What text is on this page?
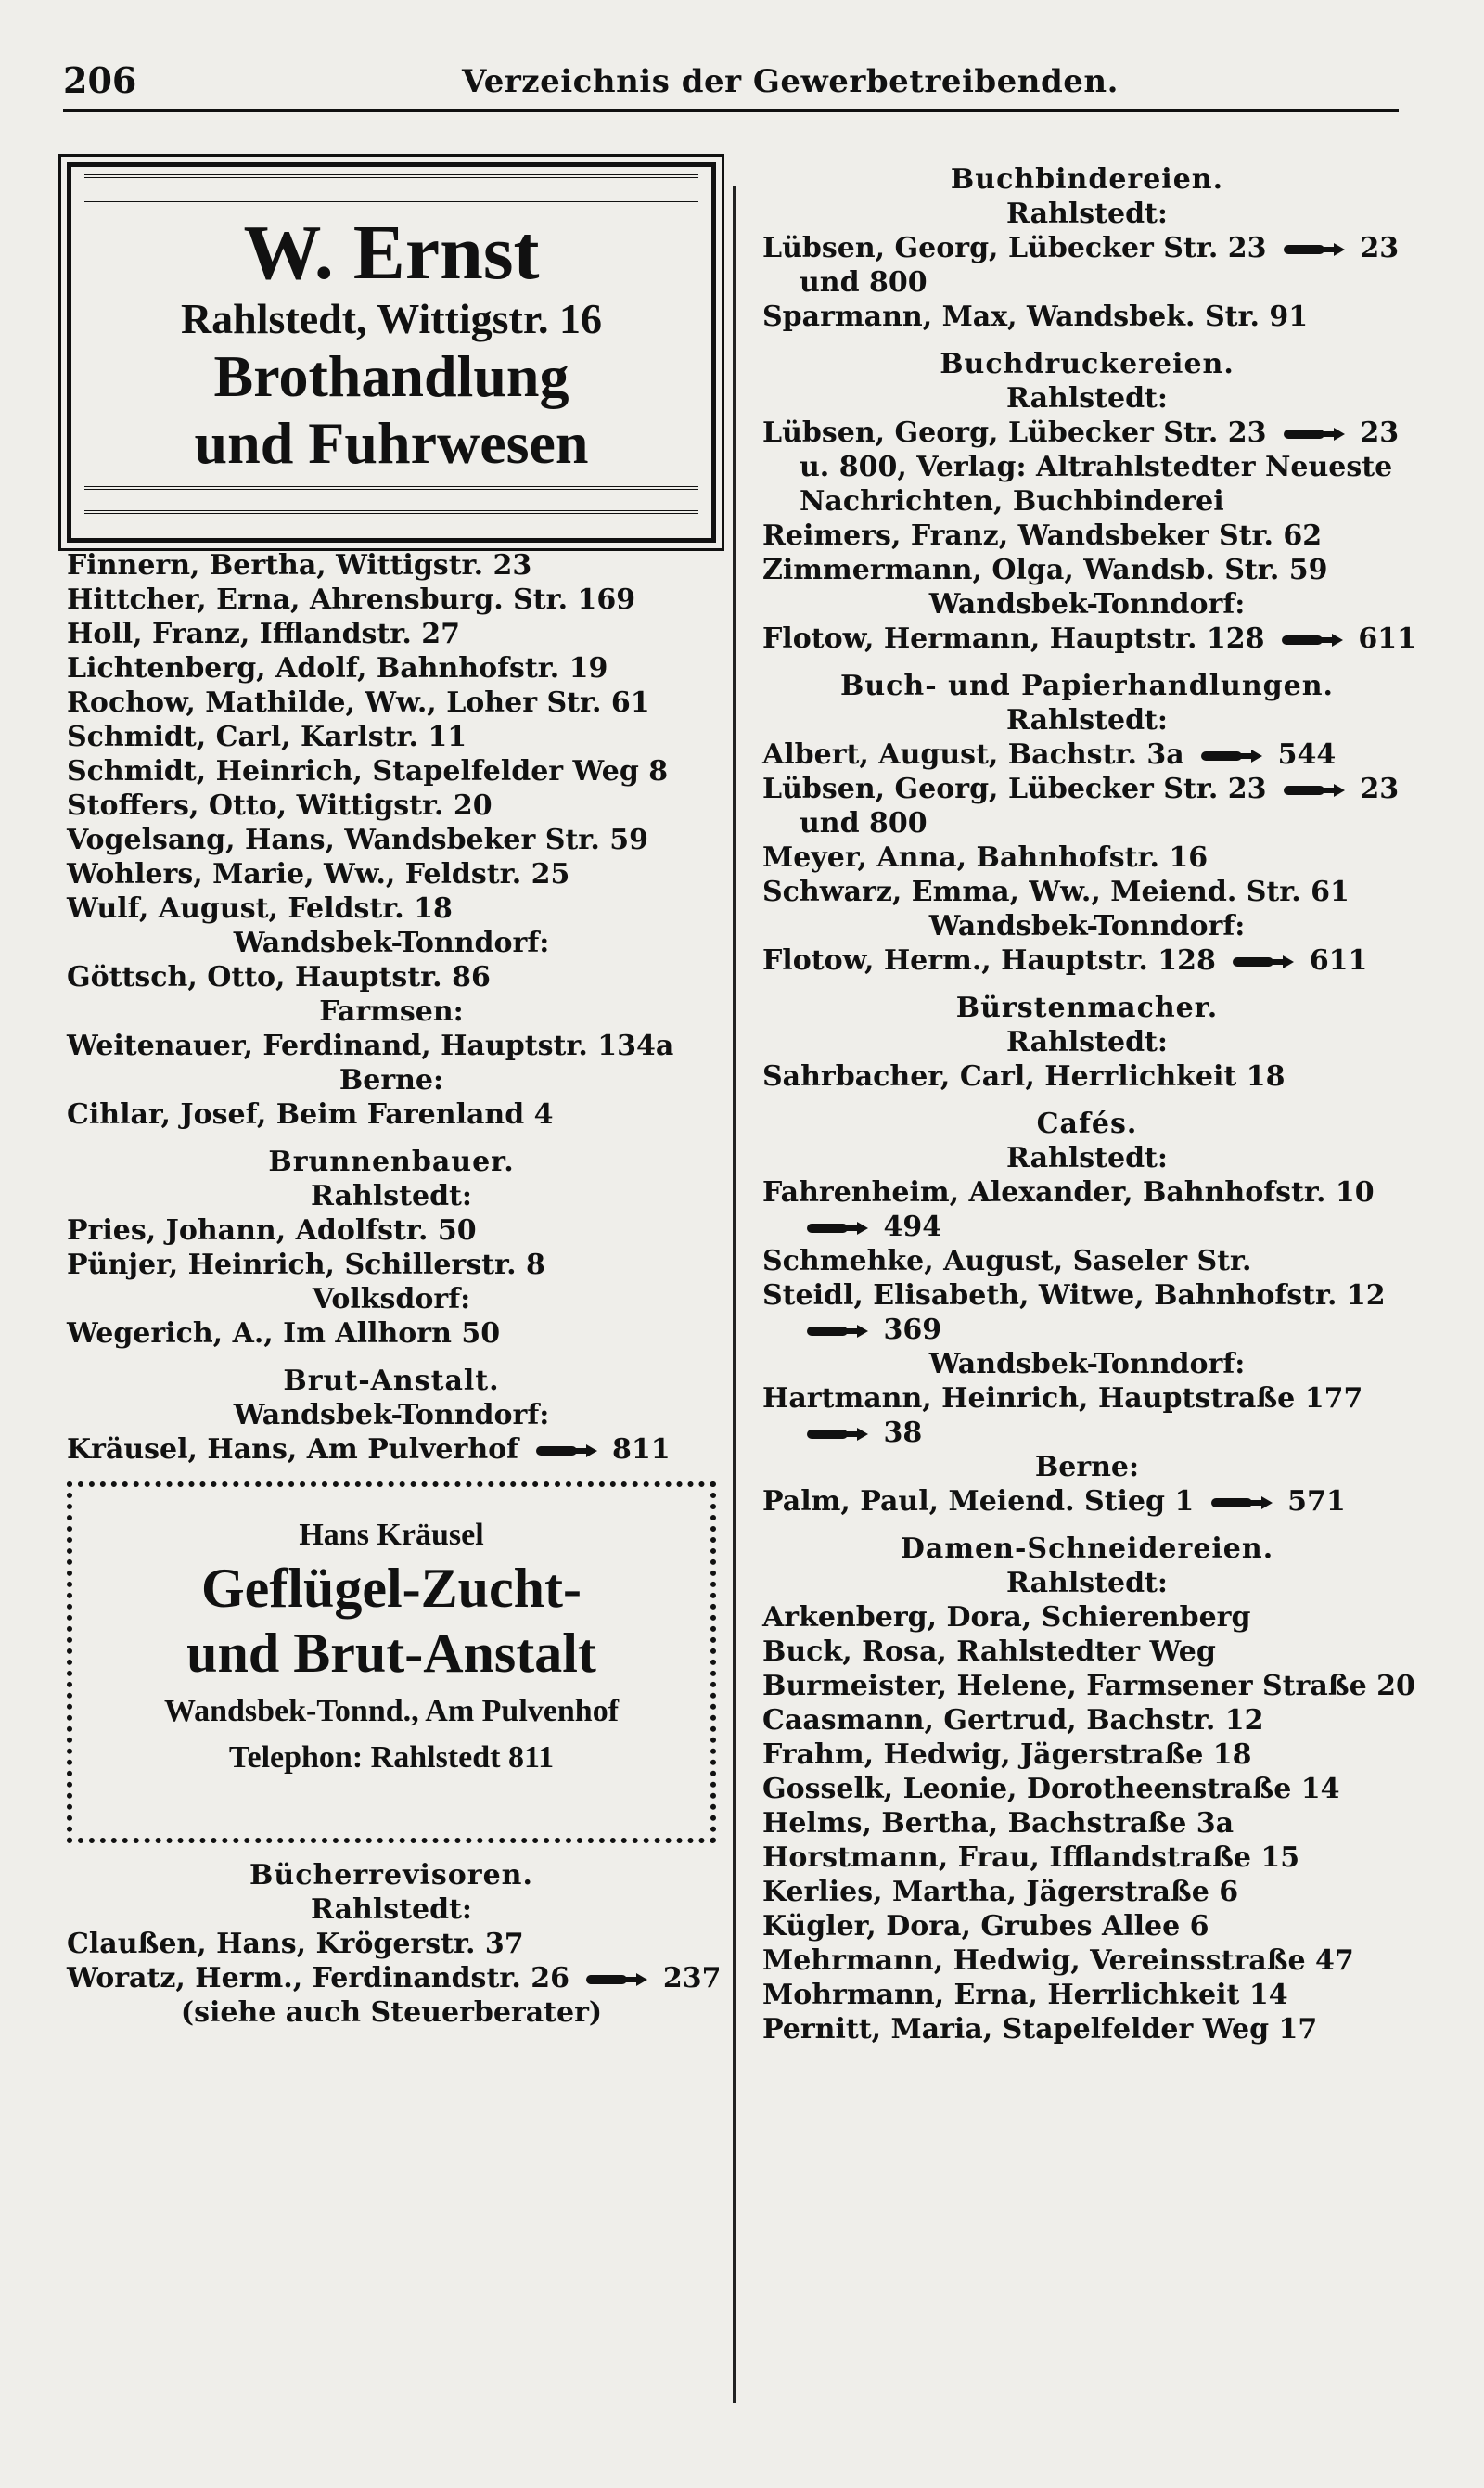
206	Verzeichnis der Gewerbetreibenden.
W. Ernst
Rahlstedt, Wittigstr. 16
Brothandlung
und Fuhrwesen
Finnern, Bertha, Wittigstr. 23
Hittcher, Erna, Ahrensburg. Str. 169
Holl, Franz, Ifflandstr. 27
Lichtenberg, Adolf, Bahnhofstr. 19
Rochow, Mathilde, Ww., Loher Str. 61
Schmidt, Carl, Karlstr. 11
Schmidt, Heinrich, Stapelfelder Weg 8
Stoffers, Otto, Wittigstr. 20
Vogelsang, Hans, Wandsbeker Str. 59
Wohlers, Marie, Ww., Feldstr. 25
Wulf, August, Feldstr. 18
Wandsbek-Tonndorf:
Göttsch, Otto, Hauptstr. 86
Farmsen:
Weitenauer, Ferdinand, Hauptstr. 134a
Berne:
Cihlar, Josef, Beim Farenland 4
Brunnenbauer.
Rahlstedt:
Pries, Johann, Adolfstr. 50
Pünjer, Heinrich, Schillerstr. 8
Volksdorf:
Wegerich, A., Im Allhorn 50
Brut-Anstalt.
Wandsbek-Tonndorf:
Kräusel, Hans, Am Pulverhof	811
Hans Kräusel
Geflügel-Zucht-
und Brut-Anstalt
Wandsbek-Tonnd., Am Pulvenhof
Telephon: Rahlstedt 811
Bücherrevisoren.
Rahlstedt:
Claußen, Hans, Krögerstr. 37
Woratz, Herm., Ferdinandstr. 26	237
(siehe auch Steuerberater)
Buchbindereien.
Rahlstedt:
Lübsen, Georg, Lübecker Str. 23	23
und 800
Sparmann, Max, Wandsbek. Str. 91
Buchdruckereien.
Rahlstedt:
Lübsen, Georg, Lübecker Str. 23	23
u. 800, Verlag: Altrahlstedter Neueste
Nachrichten, Buchbinderei
Reimers, Franz, Wandsbeker Str. 62
Zimmermann, Olga, Wandsb. Str. 59
Wandsbek-Tonndorf:
Flotow, Hermann, Hauptstr. 128	611
Buch- und Papierhandlungen.
Rahlstedt:
Albert, August, Bachstr. 3a	544
Lübsen, Georg, Lübecker Str. 23	23
und 800
Meyer, Anna, Bahnhofstr. 16
Schwarz, Emma, Ww., Meiend. Str. 61
Wandsbek-Tonndorf:
Flotow, Herm., Hauptstr. 128	611
Bürstenmacher.
Rahlstedt:
Sahrbacher, Carl, Herrlichkeit 18
Cafés.
Rahlstedt:
Fahrenheim, Alexander, Bahnhofstr. 10
494
Schmehke, August, Saseler Str.
Steidl, Elisabeth, Witwe, Bahnhofstr. 12
369
Wandsbek-Tonndorf:
Hartmann, Heinrich, Hauptstraße 177
38
Berne:
Palm, Paul, Meiend. Stieg 1	571
Damen-Schneidereien.
Rahlstedt:
Arkenberg, Dora, Schierenberg
Buck, Rosa, Rahlstedter Weg
Burmeister, Helene, Farmsener Straße 20
Caasmann, Gertrud, Bachstr. 12
Frahm, Hedwig, Jägerstraße 18
Gosselk, Leonie, Dorotheenstraße 14
Helms, Bertha, Bachstraße 3a
Horstmann, Frau, Ifflandstraße 15
Kerlies, Martha, Jägerstraße 6
Kügler, Dora, Grubes Allee 6
Mehrmann, Hedwig, Vereinsstraße 47
Mohrmann, Erna, Herrlichkeit 14
Pernitt, Maria, Stapelfelder Weg 17
